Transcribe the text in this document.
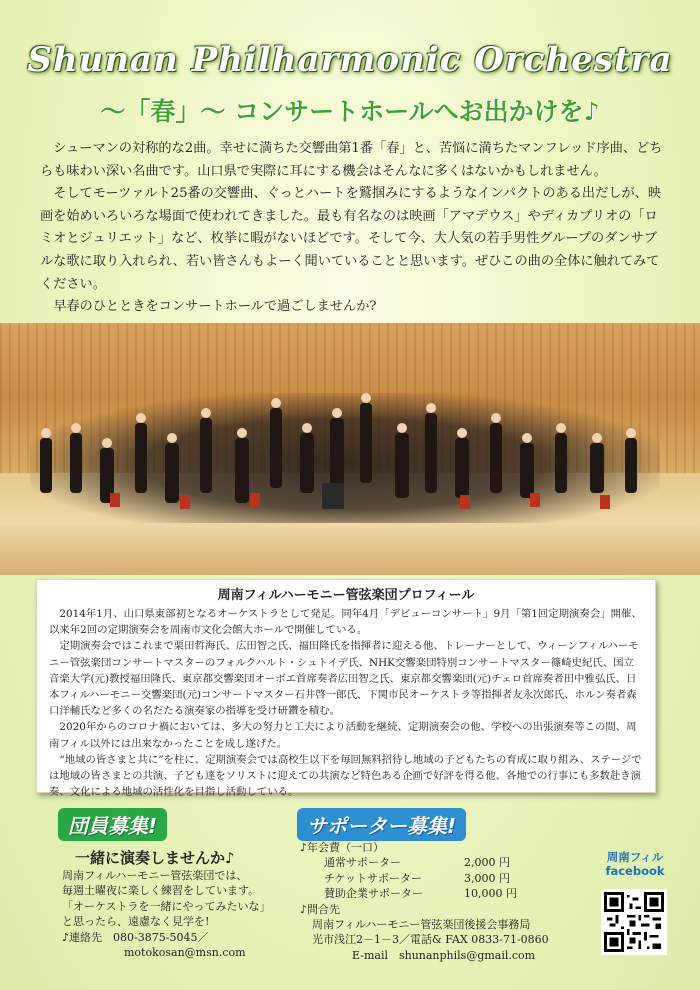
Shunan Philharmonic Orchestra
～「春」～ コンサートホールへお出かけを♪

シューマンの対称的な2曲。幸せに満ちた交響曲第1番「春」と、苦悩に満ちたマンフレッド序曲、どちらも味わい深い名曲です。山口県で実際に耳にする機会はそんなに多くはないかもしれません。

そしてモーツァルト25番の交響曲、ぐっとハートを鷲掴みにするようなインパクトのある出だしが、映画を始めいろいろな場面で使われてきました。最も有名なのは映画「アマデウス」やディカプリオの「ロミオとジュリエット」など、枚挙に暇がないほどです。そして今、大人気の若手男性グループのダンサブルな歌に取り入れられ、若い皆さんもよーく聞いていることと思います。ぜひこの曲の全体に触れてみてください。

早春のひとときをコンサートホールで過ごしませんか?

周南フィルハーモニー管弦楽団プロフィール

2014年1月、山口県東部初となるオーケストラとして発足。同年4月「デビューコンサート」9月「第1回定期演奏会」開催、以来年2回の定期演奏会を周南市文化会館大ホールで開催している。

定期演奏会ではこれまで栗田哲海氏、広田智之氏、福田隆氏を指揮者に迎える他、トレーナーとして、ウィーンフィルハーモニー管弦楽団コンサートマスターのフォルクハルト・シュトイデ氏、NHK交響楽団特別コンサートマスター篠崎史紀氏、国立音楽大学(元)教授福田隆氏、東京都交響楽団オーボエ首席奏者広田智之氏、東京都交響楽団(元)チェロ首席奏者田中雅弘氏、日本フィルハーモニー交響楽団(元)コンサートマスター石井啓一郎氏、下関市民オーケストラ等指揮者友永次郎氏、ホルン奏者森口洋輔氏など多くの名だたる演奏家の指導を受け研鑽を積む。

2020年からのコロナ禍においては、多大の努力と工夫により活動を継続、定期演奏会の他、学校への出張演奏等この間、周南フィル以外には出来なかったことを成し遂げた。

“地域の皆さまと共に”を柱に、定期演奏会では高校生以下を毎回無料招待し地域の子どもたちの育成に取り組み、ステージでは地域の皆さまとの共演、子ども達をソリストに迎えての共演など特色ある企画で好評を得る他、各地での行事にも多数赴き演奏、文化による地域の活性化を目指し活動している。

団員募集!
一緒に演奏しませんか♪
周南フィルハーモニー管弦楽団では、
毎週土曜夜に楽しく練習をしています。
「オーケストラを一緒にやってみたいな」
と思ったら、遠慮なく見学を!
♪連絡先　080-3875-5045／
motokosan@msn.com
サポーター募集!
♪年会費（一口）
通常サポーター	2,000 円
チケットサポーター	3,000 円
賛助企業サポーター	10,000 円
♪問合先
周南フィルハーモニー管弦楽団後援会事務局
光市浅江2－1－3／電話& FAX 0833-71-0860
E-mail　shunanphils@gmail.com
周南フィル
facebook
